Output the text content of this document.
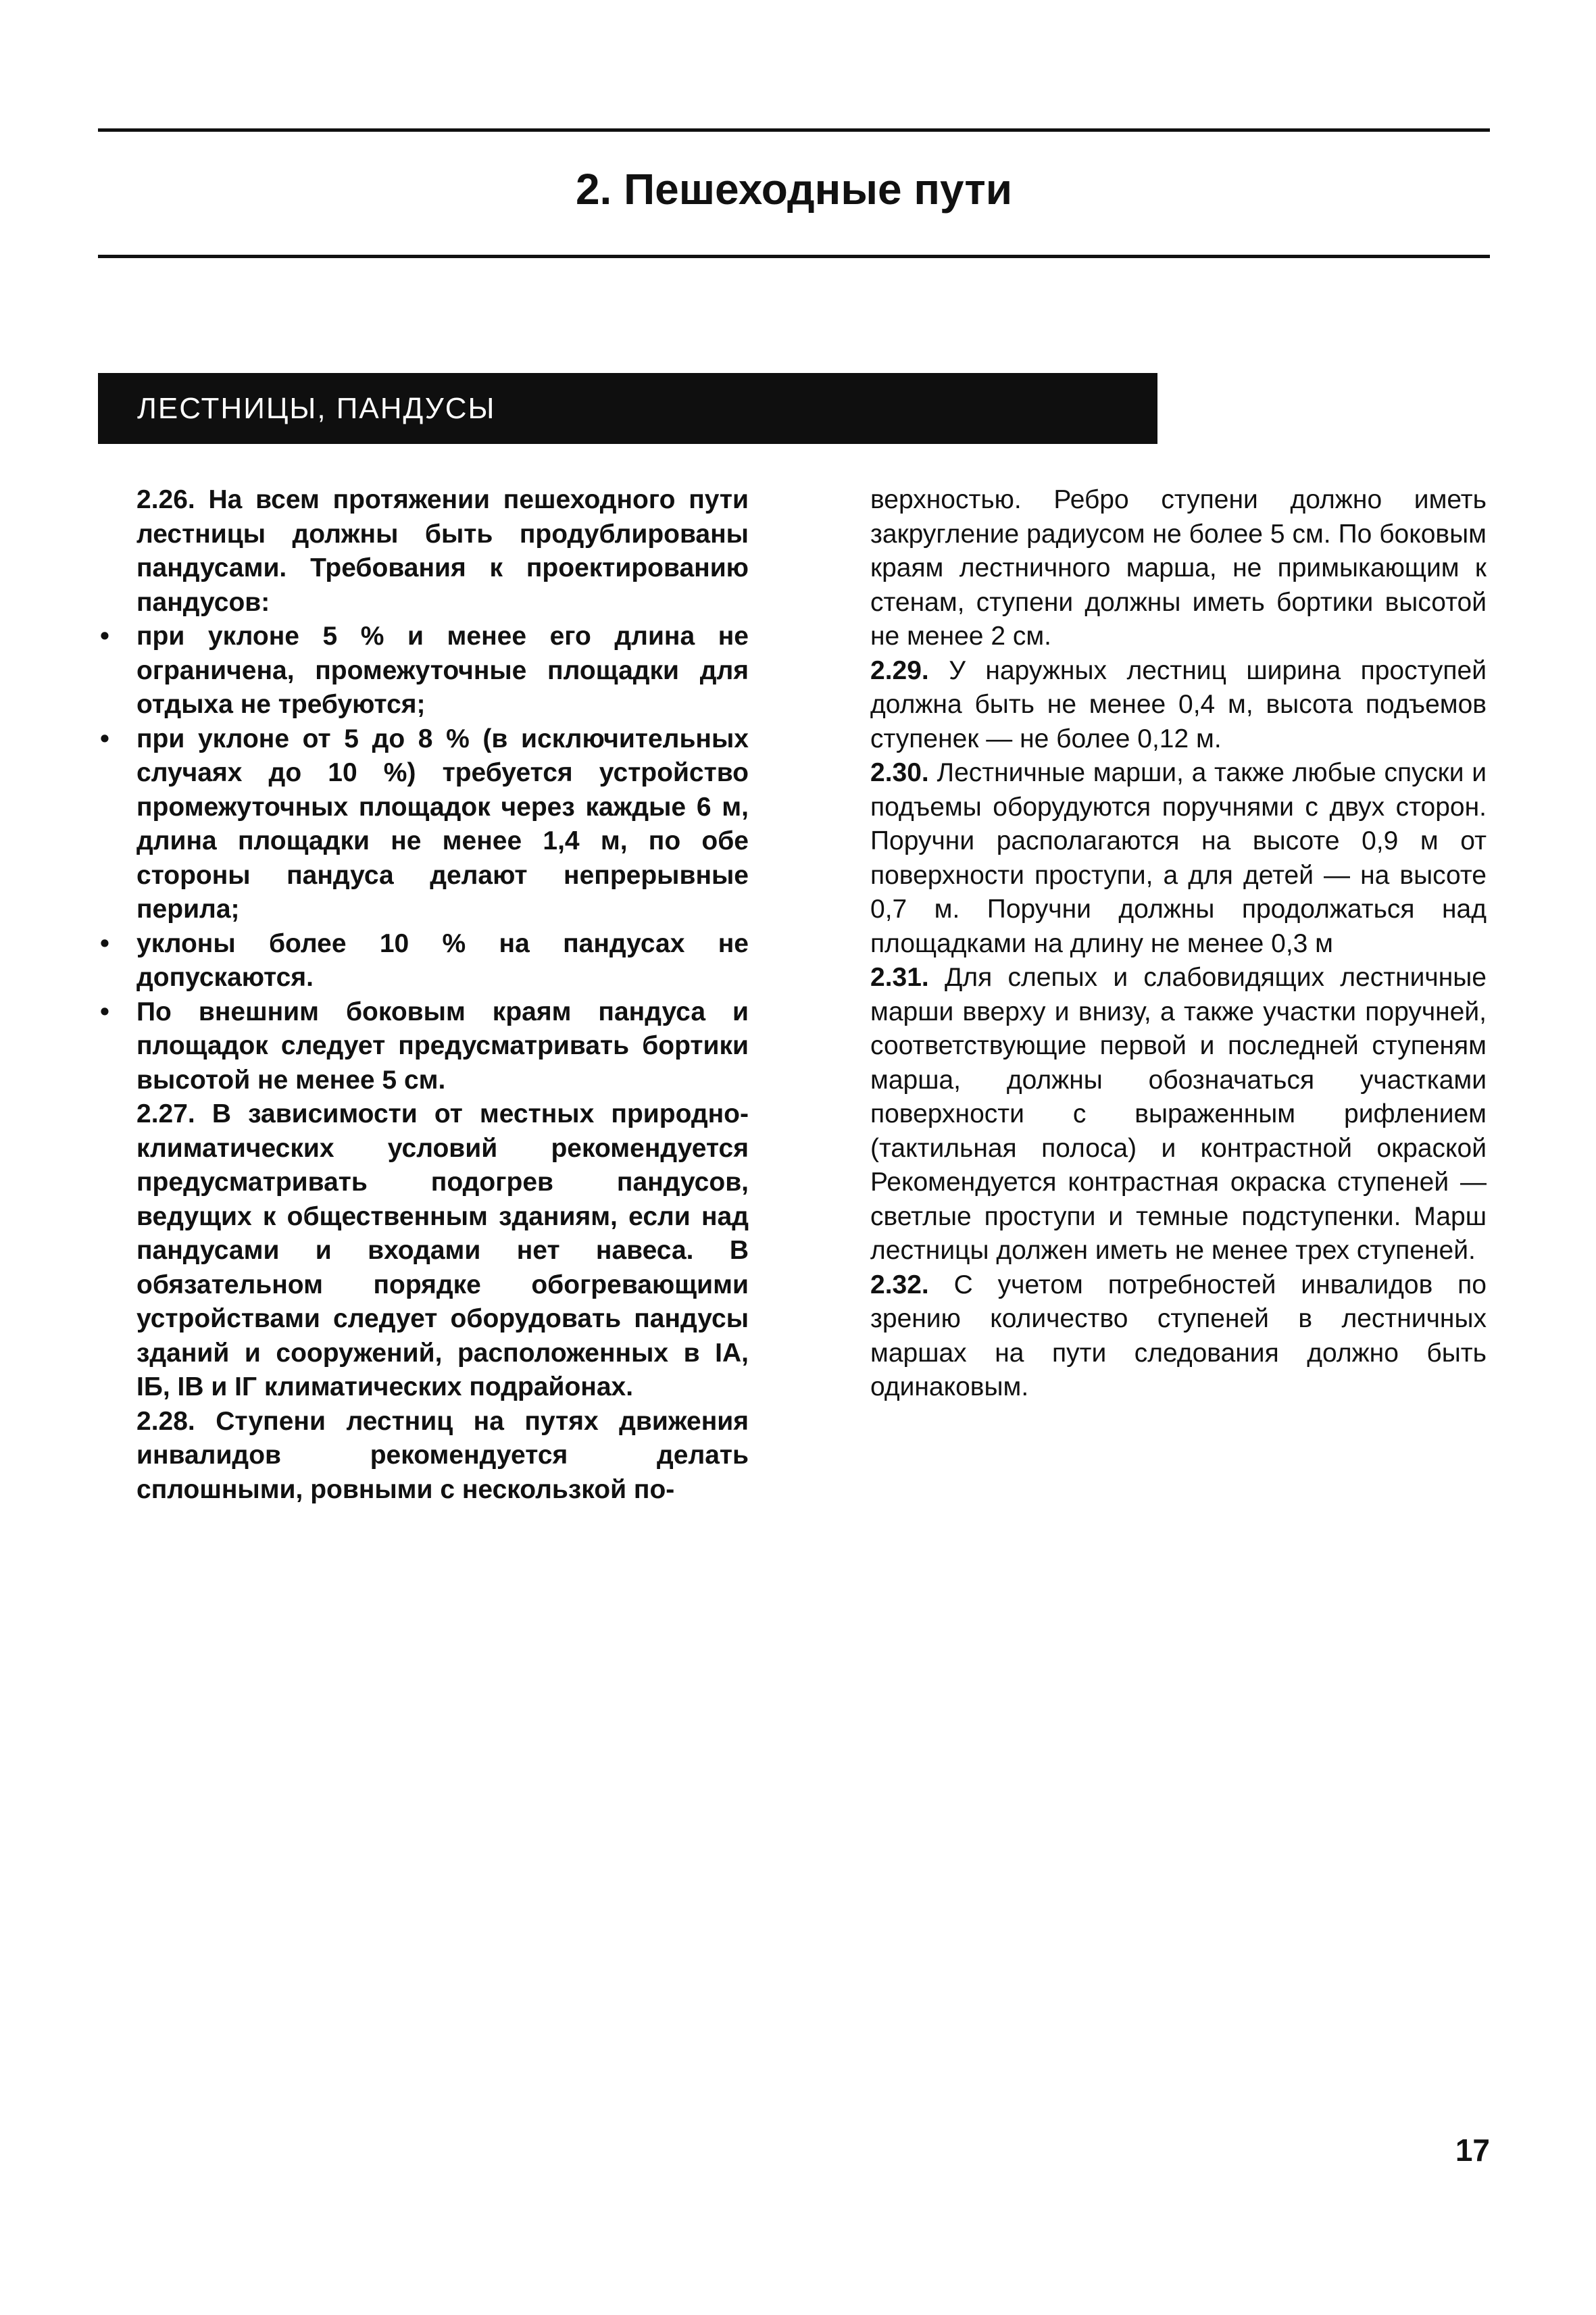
2. Пешеходные пути
ЛЕСТНИЦЫ, ПАНДУСЫ

2.26. На всем протяжении пешеходного пути лестницы должны быть продублированы пандусами. Требования к проектированию пандусов:

• при уклоне 5 % и менее его длина не ограничена, промежуточные площадки для отдыха не требуются;
• при уклоне от 5 до 8 % (в исключительных случаях до 10 %) требуется устройство промежуточных площадок через каждые 6 м, длина площадки не менее 1,4 м, по обе стороны пандуса делают непрерывные перила;
• уклоны более 10 % на пандусах не допускаются.
• По внешним боковым краям пандуса и площадок следует предусматривать бортики высотой не менее 5 см.

2.27. В зависимости от местных природно-климатических условий рекомендуется предусматривать подогрев пандусов, ведущих к общественным зданиям, если над пандусами и входами нет навеса. В обязательном порядке обогревающими устройствами следует оборудовать пандусы зданий и сооружений, расположенных в IA, IБ, IB и IГ климатических подрайонах.

2.28. Ступени лестниц на путях движения инвалидов рекомендуется делать сплошными, ровными с нескользкой по-

верхностью. Ребро ступени должно иметь закругление радиусом не более 5 см. По боковым краям лестничного марша, не примыкающим к стенам, ступени должны иметь бортики высотой не менее 2 см.

2.29. У наружных лестниц ширина проступей должна быть не менее 0,4 м, высота подъемов ступенек — не более 0,12 м.

2.30. Лестничные марши, а также любые спуски и подъемы оборудуются поручнями с двух сторон. Поручни располагаются на высоте 0,9 м от поверхности проступи, а для детей — на высоте 0,7 м. Поручни должны продолжаться над площадками на длину не менее 0,3 м

2.31. Для слепых и слабовидящих лестничные марши вверху и внизу, а также участки поручней, соответствующие первой и последней ступеням марша, должны обозначаться участками поверхности с выраженным рифлением (тактильная полоса) и контрастной окраской Рекомендуется контрастная окраска ступеней — светлые проступи и темные подступенки. Марш лестницы должен иметь не менее трех ступеней.

2.32. С учетом потребностей инвалидов по зрению количество ступеней в лестничных маршах на пути следования должно быть одинаковым.

17
